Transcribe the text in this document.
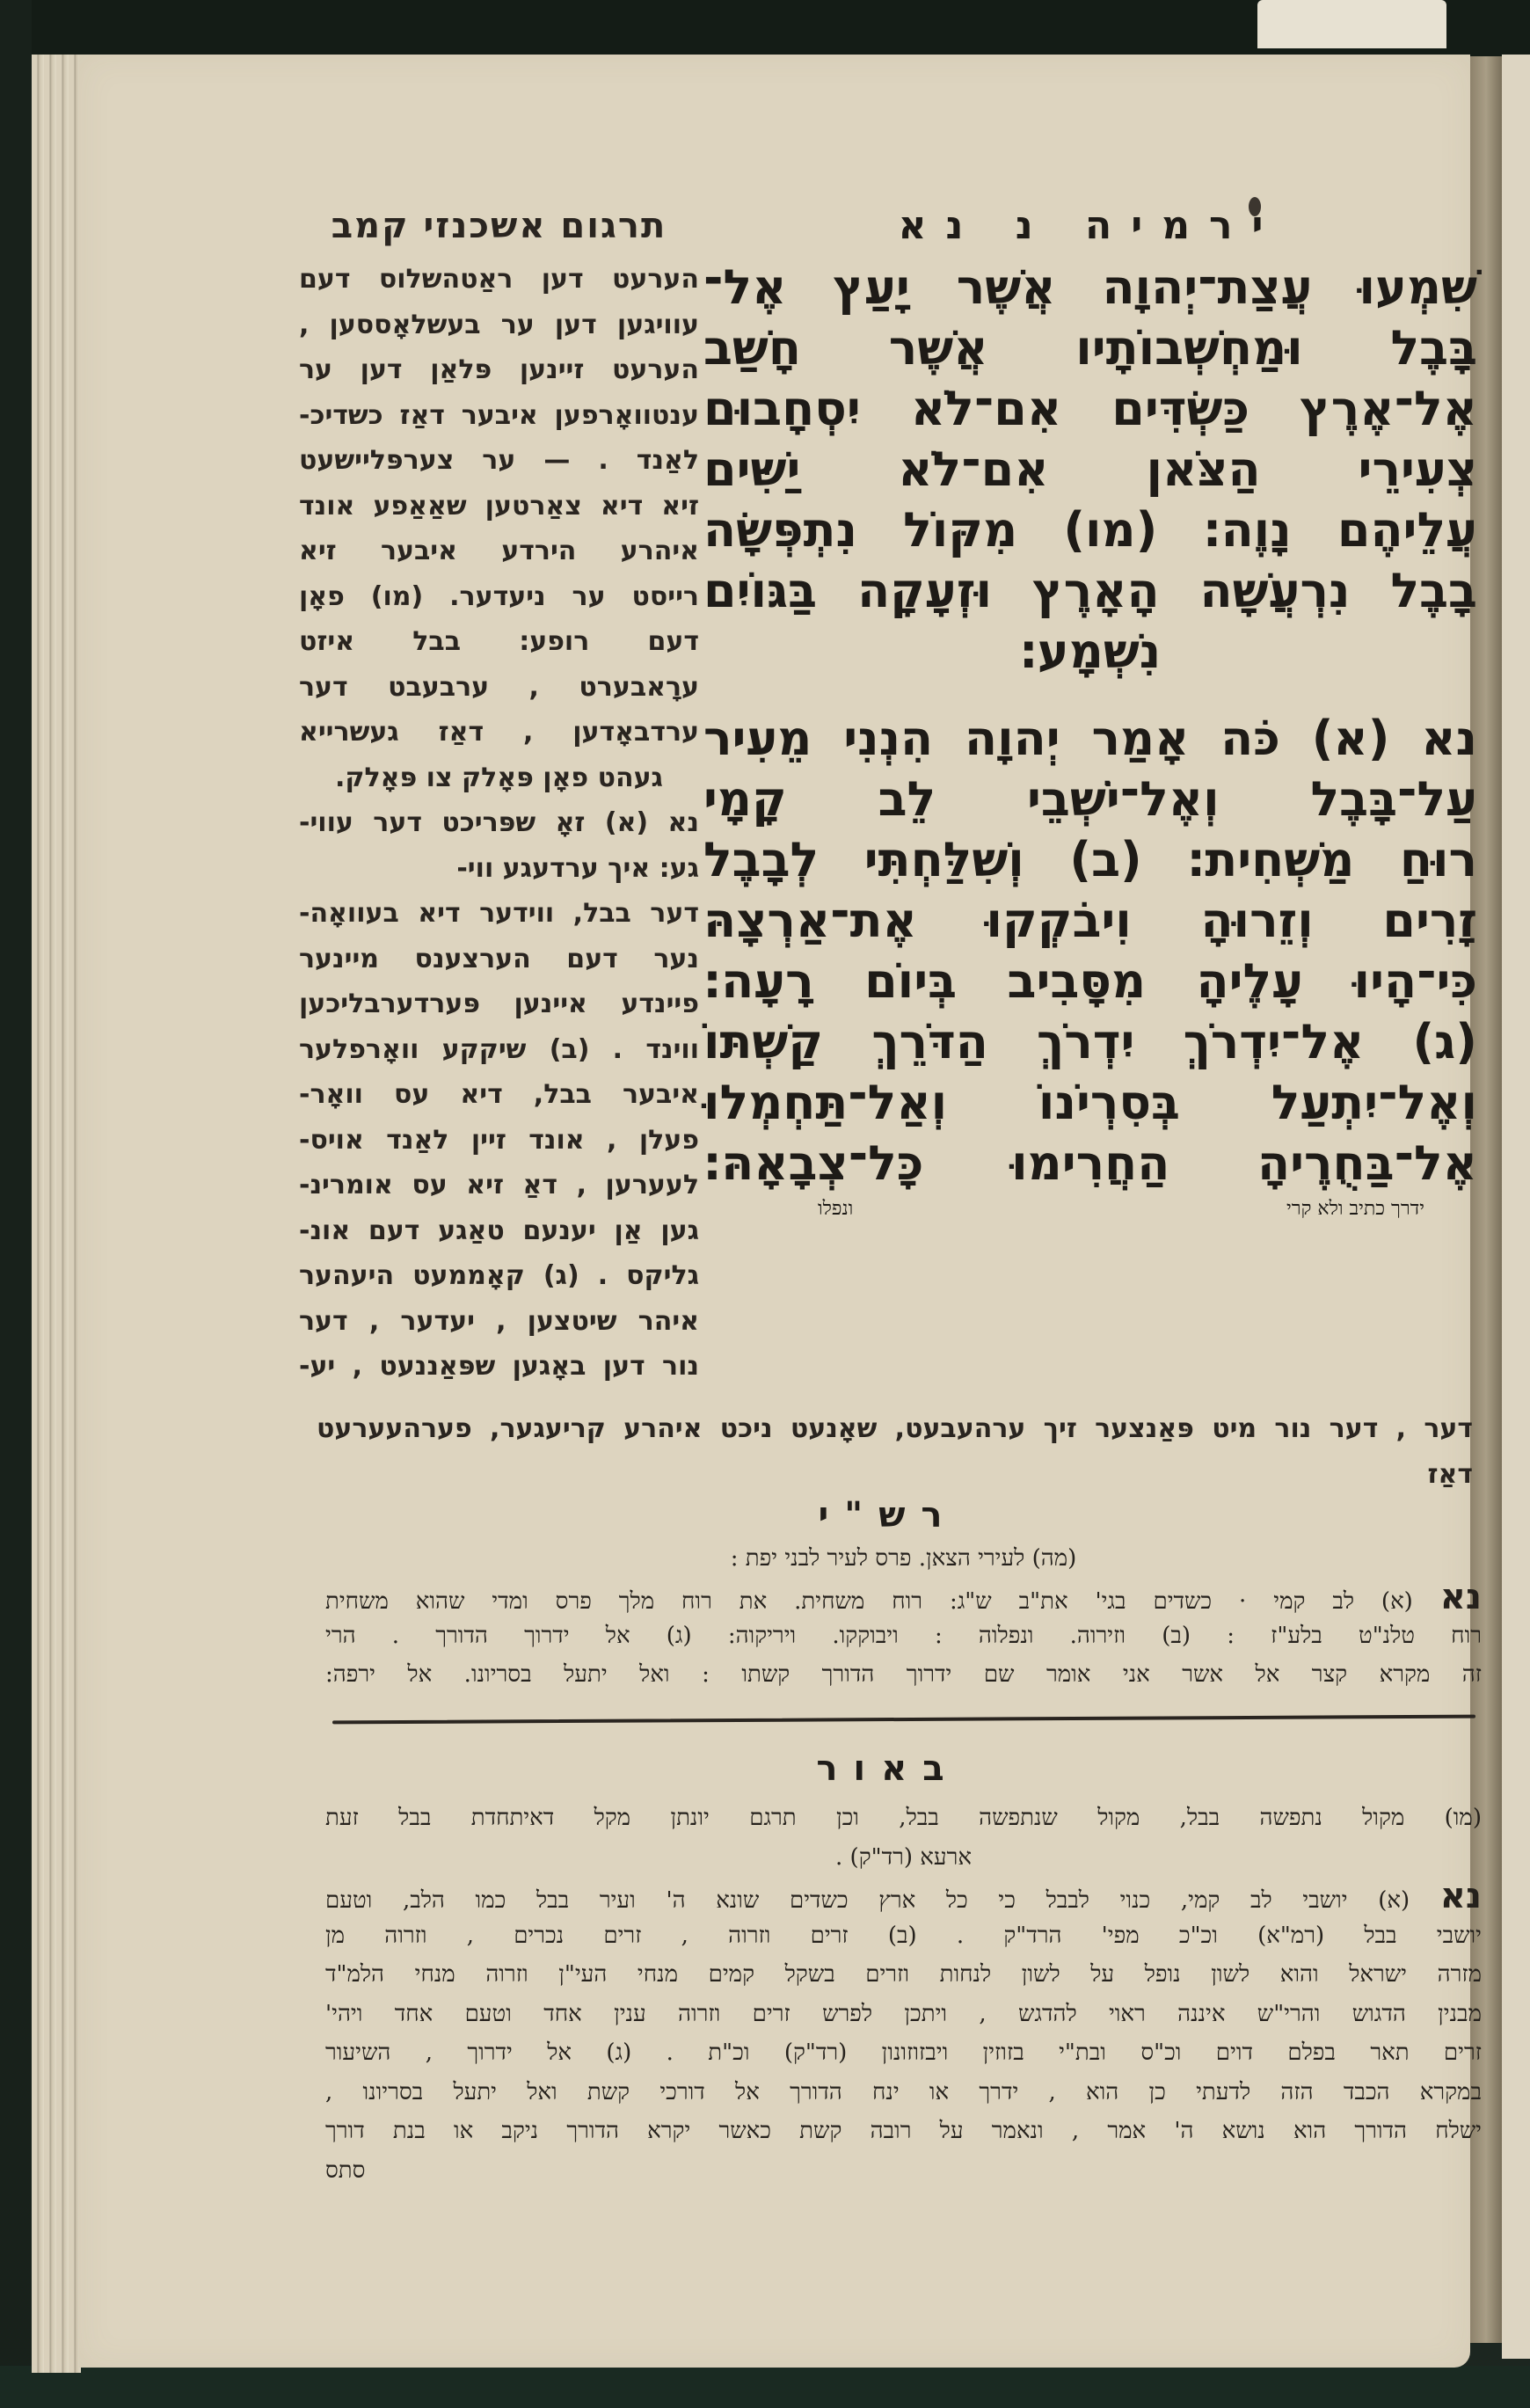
תרגום אשכנזי קמב
הערעט דען ראַטהשלוס דעם
עוויגען דען ער בעשלאָססען ,
הערעט זיינען פּלאַן דען ער
ענטוואָרפען איבער דאַז כשדיכ-
לאַנד . — ער צערפּליישעט
זיא דיא צאַרטען שאַאַפע אונד
איהרע הירדע איבער זיא
רייסט ער ניעדער. (מו) פאָן
דעם רופע: בבל איזט
ערָאבערט , ערבעבט דער
ערדבאָדען , דאַז געשרייא
געהט פאָן פּאָלק צו פּאָלק.
נא (א) זאָ שפּריכט דער עווי-
גע: איך ערדעגע ווי-
דער בבל, ווידער דיא בעוואָה-
נער דעם הערצענס מיינער
פיינדע איינען פּערדערבליכען
ווינד . (ב) שיקקע וואָרפלער
איבער בבל, דיא עס וואָר-
פעלן , אונד זיין לאַנד אויס-
לעערען , דאַ זיא עס אומרינ-
גען אַן יענעם טאַגע דעם אונ-
גליקס . (ג) קאָממעט היעהער
איהר שיטצען , יעדער , דער
נור דען באָגען שפּאַננעט , יע-
ירמיה נ נא
שִׁמְעוּ עֲצַת־יְהוָה אֲשֶׁר יָעַץ אֶל־
בָּבֶל וּמַחְשְׁבוֹתָיו אֲשֶׁר חָשַׁב
אֶל־אֶרֶץ כַּשְׂדִּים אִם־לֹא יִסְחָבוּם
צְעִירֵי הַצֹּאן אִם־לֹא יַשִּׁים
עֲלֵיהֶם נָוֶה׃ (מו) מִקּוֹל נִתְפְּשָׂה
בָבֶל נִרְעֲשָׁה הָאָרֶץ וּזְעָקָה בַּגּוֹיִם
נִשְׁמָע׃
נא (א) כֹּה אָמַר יְהוָה הִנְנִי מֵעִיר
עַל־בָּבֶל וְאֶל־יֹשְׁבֵי לֵב קָמָי
רוּחַ מַשְׁחִית׃ (ב) וְשִׁלַּחְתִּי לְבָבֶל
זָרִים וְזֵרוּהָ וִיבֹקְקוּ אֶת־אַרְצָהּ
כִּי־הָיוּ עָלֶיהָ מִסָּבִיב בְּיוֹם רָעָה׃
(ג) אֶל־יִדְרֹךְ יִדְרֹךְ הַדֹּרֵךְ קַשְׁתּוֹ
וְאֶל־יִתְעַל בְּסִרְיֹנוֹ וְאַל־תַּחְמְלוּ
אֶל־בַּחֻרֶיהָ הַחֲרִימוּ כָּל־צְבָאָהּ׃
ידרך כתיב ולא קרי
ונפלו
דער , דער נור מיט פּאַנצער זיך ערהעבעט, שאָנעט ניכט איהרע קריעגער, פערהעערעט
דאַז
רש"י
(מה) לעירי הצאן. פרס לעיר לבני יפת :
נא (א) לב קמי · כשדים בגי' את"ב ש"ג: רוח משחית. את רוח מלך פרס ומדי שהוא משחית
רוח טלנ"ט בלע"ז : (ב) וזירוה. ונפלוה : ויבוקקו. ויריקוה: (ג) אל ידרוך הדורך . הרי
זה מקרא קצר אל אשר אני אומר שם ידרוך הדורך קשתו : ואל יתעל בסריונו. אל ירפה:
באור
(מו) מקול נתפשה בבל, מקול שנתפשה בבל, וכן תרגם יונתן מקל דאיתחדת בבל זעת
ארעא (רד"ק) .
נא (א) יושבי לב קמי, כנוי לבבל כי כל ארץ כשדים שונא ה' ועיר בבל כמו הלב, וטעם
יושבי בבל (רמ"א) וכ"כ מפי' הרד"ק . (ב) זרים וזרוה , זרים נכרים , וזרוה מן
מזרה ישראל והוא לשון נופל על לשון לנחות וזרים בשקל קמים מנחי העי"ן וזרוה מנחי הלמ"ד
מבנין הדגוש והרי"ש איננה ראוי להדגש , ויתכן לפרש זרים וזרוה ענין אחד וטעם אחד ויהי'
זרים תאר בפלם דוים וכ"ס ובת"י בזוזין ויבזוזונון (רד"ק) וכ"ת . (ג) אל ידרוך , השיעור
במקרא הכבד הזה לדעתי כן הוא , ידרך או ינח הדורך אל דורכי קשת ואל יתעל בסריונו ,
ישלח הדורך הוא נושא ה' אמר , ונאמר על רובה קשת כאשר יקרא הדורך ניקב או בנת דורך
סתס
